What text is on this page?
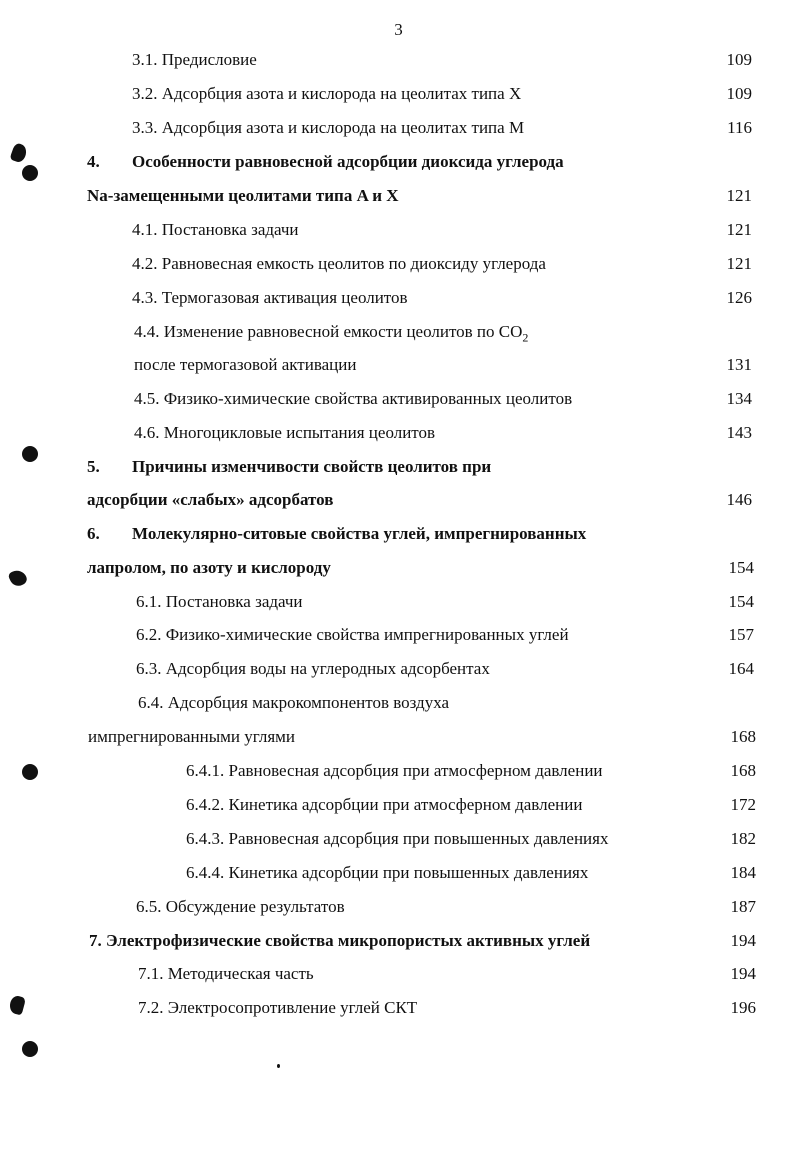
3
3.1. Предисловие	109
3.2. Адсорбция азота и кислорода на цеолитах типа X	109
3.3. Адсорбция азота и кислорода на цеолитах типа M	116
4. Особенности равновесной адсорбции диоксида углерода
Na-замещенными цеолитами типа A и X	121
4.1. Постановка задачи	121
4.2. Равновесная емкость цеолитов по диоксиду углерода	121
4.3. Термогазовая активация цеолитов	126
4.4. Изменение равновесной емкости цеолитов по $CO_2$
после термогазовой активации	131
4.5. Физико-химические свойства активированных цеолитов	134
4.6. Многоцикловые испытания цеолитов	143
5. Причины изменчивости свойств цеолитов при
адсорбции «слабых» адсорбатов	146
6. Молекулярно-ситовые свойства углей, импрегнированных
лапролом, по азоту и кислороду	154
6.1. Постановка задачи	154
6.2. Физико-химические свойства импрегнированных углей	157
6.3. Адсорбция воды на углеродных адсорбентах	164
6.4. Адсорбция макрокомпонентов воздуха
импрегнированными углями	168
6.4.1. Равновесная адсорбция при атмосферном давлении	168
6.4.2. Кинетика адсорбции при атмосферном давлении	172
6.4.3. Равновесная адсорбция при повышенных давлениях	182
6.4.4. Кинетика адсорбции при повышенных давлениях	184
6.5. Обсуждение результатов	187
7. Электрофизические свойства микропористых активных углей	194
7.1. Методическая часть	194
7.2. Электросопротивление углей СКТ	196
